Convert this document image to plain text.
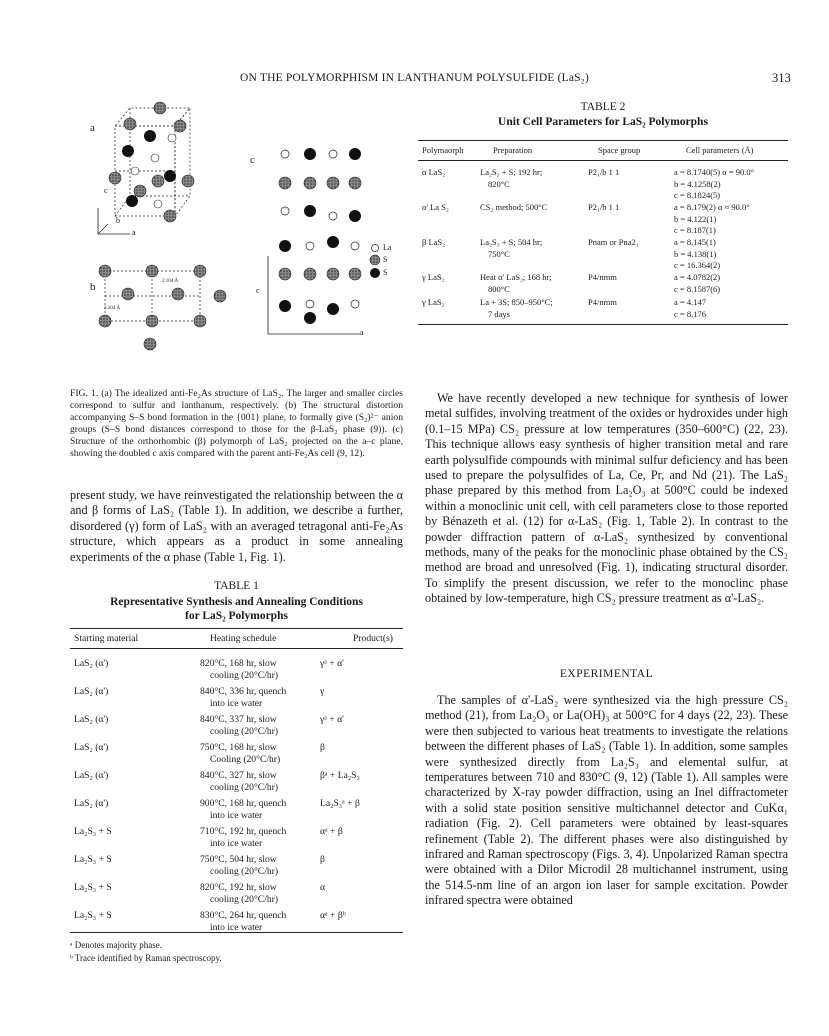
ON THE POLYMORPHISM IN LANTHANUM POLYSULFIDE (LaS₂)	313
a
b
c
c
a
b
c
a
2.104 Å
2.104 Å
La
S
S
TABLE 2
Unit Cell Parameters for LaS₂ Polymorphs
Polymaorph	Preparation	Space group	Cell parameters (Å)
α LaS₂	La₂S₃ + S; 192 hr;
820°C
P2₁/b 1 1	a = 8.1740(5) α = 90.0°
b = 4.1258(2)
c = 8.1824(5)
α' La S₂	CS₂ method; 500°C	P2₁/b 1 1	a = 8.179(2) α ≈ 90.0°
b = 4.122(1)
c = 8.187(1)
β LaS₂	La₂S₃ + S; 504 hr;
750°C
Pnam or Pna2₁	a = 8.145(1)
b = 4.138(1)
c = 16.364(2)
γ LaS₂	Heat α' LaS₂; 168 hr;
800°C
P4/nmm	a = 4.0782(2)
c = 8.1587(6)
γ LaS₂	La + 3S; 850–950°C;
7 days
P4/nmm	a = 4.147
c = 8.176
FIG. 1. (a) The idealized anti-Fe₂As structure of LaS₂. The larger and smaller circles correspond to sulfur and lanthanum, respectively. (b) The structural distortion accompanying S–S bond formation in the {001} plane, to formally give (S₂)²⁻ anion groups (S–S bond distances correspond to those for the β-LaS₂ phase (9)). (c) Structure of the orthorhombic (β) polymorph of LaS₂ projected on the a–c plane, showing the doubled c axis compared with the parent anti-Fe₂As cell (9, 12).
present study, we have reinvestigated the relationship between the α and β forms of LaS₂ (Table 1). In addition, we describe a further, disordered (γ) form of LaS₂ with an averaged tetragonal anti-Fe₂As structure, which appears as a product in some annealing experiments of the α phase (Table 1, Fig. 1).
TABLE 1
Representative Synthesis and Annealing Conditions
for LaS₂ Polymorphs
Starting material	Heating schedule	Product(s)
LaS₂ (α')	820°C, 168 hr, slow
cooling (20°C/hr)
γᵃ + α'
LaS₂ (α')	840°C, 336 hr, quench
into ice water
γ
LaS₂ (α')	840°C, 337 hr, slow
cooling (20°C/hr)
γᵃ + α'
LaS₂ (α')	750°C, 168 hr, slow
Cooling (20°C/hr)
β
LaS₂ (α')	840°C, 327 hr, slow
cooling (20°C/hr)
βᵃ + La₂S₃
LaS₂ (α')	900°C, 168 hr, quench
into ice water
La₂S₃ᵃ + β
La₂S₃ + S	710°C, 192 hr, quench
into ice water
αᵃ + β
La₂S₃ + S	750°C, 504 hr, slow
cooling (20°C/hr)
β
La₂S₃ + S	820°C, 192 hr, slow
cooling (20°C/hr)
α
La₂S₃ + S	830°C, 264 hr, quench
into ice water
αᵃ + βᵇ
ᵃ Denotes majority phase.
ᵇ Trace identified by Raman spectroscopy.
We have recently developed a new technique for synthesis of lower metal sulfides, involving treatment of the oxides or hydroxides under high (0.1–15 MPa) CS₂ pressure at low temperatures (350–600°C) (22, 23). This technique allows easy synthesis of higher transition metal and rare earth polysulfide compounds with minimal sulfur deficiency and has been used to prepare the polysulfides of La, Ce, Pr, and Nd (21). The LaS₂ phase prepared by this method from La₂O₃ at 500°C could be indexed within a monoclinic unit cell, with cell parameters close to those reported by Bénazeth et al. (12) for α-LaS₂ (Fig. 1, Table 2). In contrast to the powder diffraction pattern of α-LaS₂ synthesized by conventional methods, many of the peaks for the monoclinic phase obtained by the CS₂ method are broad and unresolved (Fig. 1), indicating structural disorder. To simplify the present discussion, we refer to the monoclinc phase obtained by low-temperature, high CS₂ pressure treatment as α'-LaS₂.
EXPERIMENTAL
The samples of α'-LaS₂ were synthesized via the high pressure CS₂ method (21), from La₂O₃ or La(OH)₃ at 500°C for 4 days (22, 23). These were then subjected to various heat treatments to investigate the relations between the different phases of LaS₂ (Table 1). In addition, some samples were synthesized directly from La₂S₃ and elemental sulfur, at temperatures between 710 and 830°C (9, 12) (Table 1). All samples were characterized by X-ray powder diffraction, using an Inel diffractometer with a solid state position sensitive multichannel detector and CuKα₁ radiation (Fig. 2). Cell parameters were obtained by least-squares refinement (Table 2). The different phases were also distinguished by infrared and Raman spectroscopy (Figs. 3, 4). Unpolarized Raman spectra were obtained with a Dilor Microdil 28 multichannel instrument, using the 514.5-nm line of an argon ion laser for sample excitation. Powder infrared spectra were obtained
